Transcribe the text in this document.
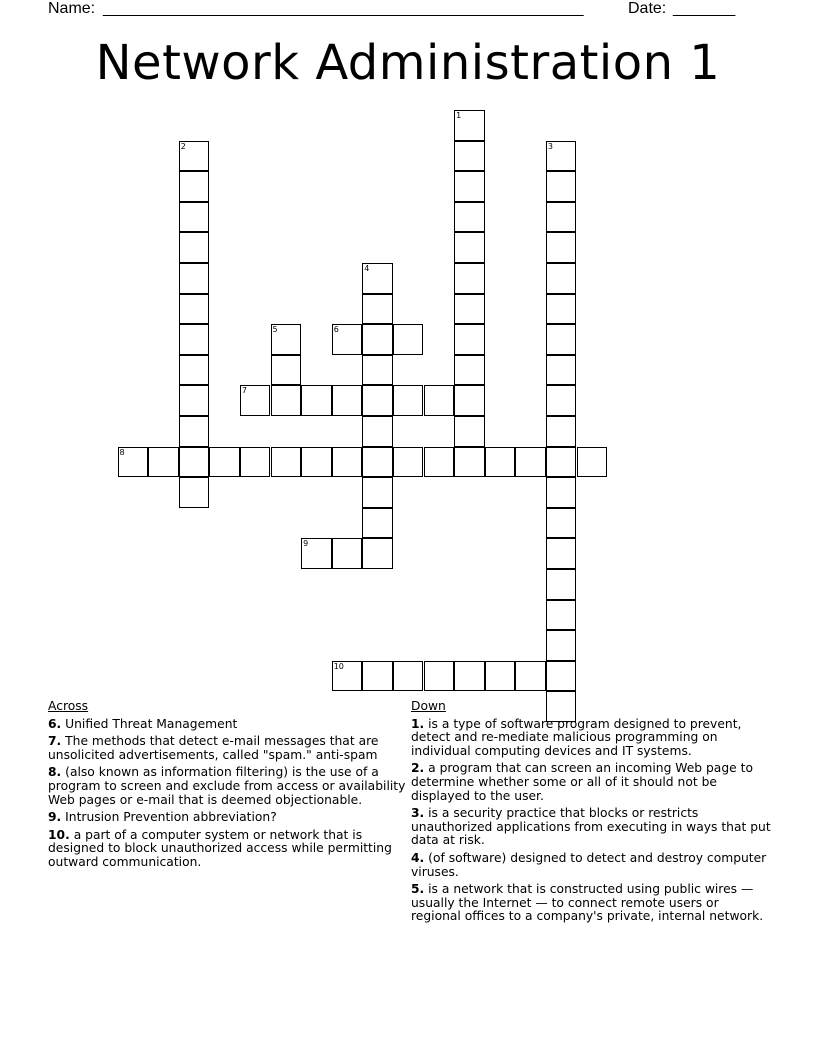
Name: ______________________________________________________	Date: _______
Network Administration 1
1
2	3
4
5	6
7
8
9
10
Across
6. Unified Threat Management
7. The methods that detect e-mail messages that are unsolicited advertisements, called "spam." anti-spam
8. (also known as information filtering) is the use of a program to screen and exclude from access or availability Web pages or e-mail that is deemed objectionable.
9. Intrusion Prevention abbreviation?
10. a part of a computer system or network that is designed to block unauthorized access while permitting outward communication.
Down
1. is a type of software program designed to prevent, detect and re-mediate malicious programming on individual computing devices and IT systems.
2. a program that can screen an incoming Web page to determine whether some or all of it should not be displayed to the user.
3. is a security practice that blocks or restricts unauthorized applications from executing in ways that put data at risk.
4. (of software) designed to detect and destroy computer viruses.
5. is a network that is constructed using public wires — usually the Internet — to connect remote users or regional offices to a company's private, internal network.
